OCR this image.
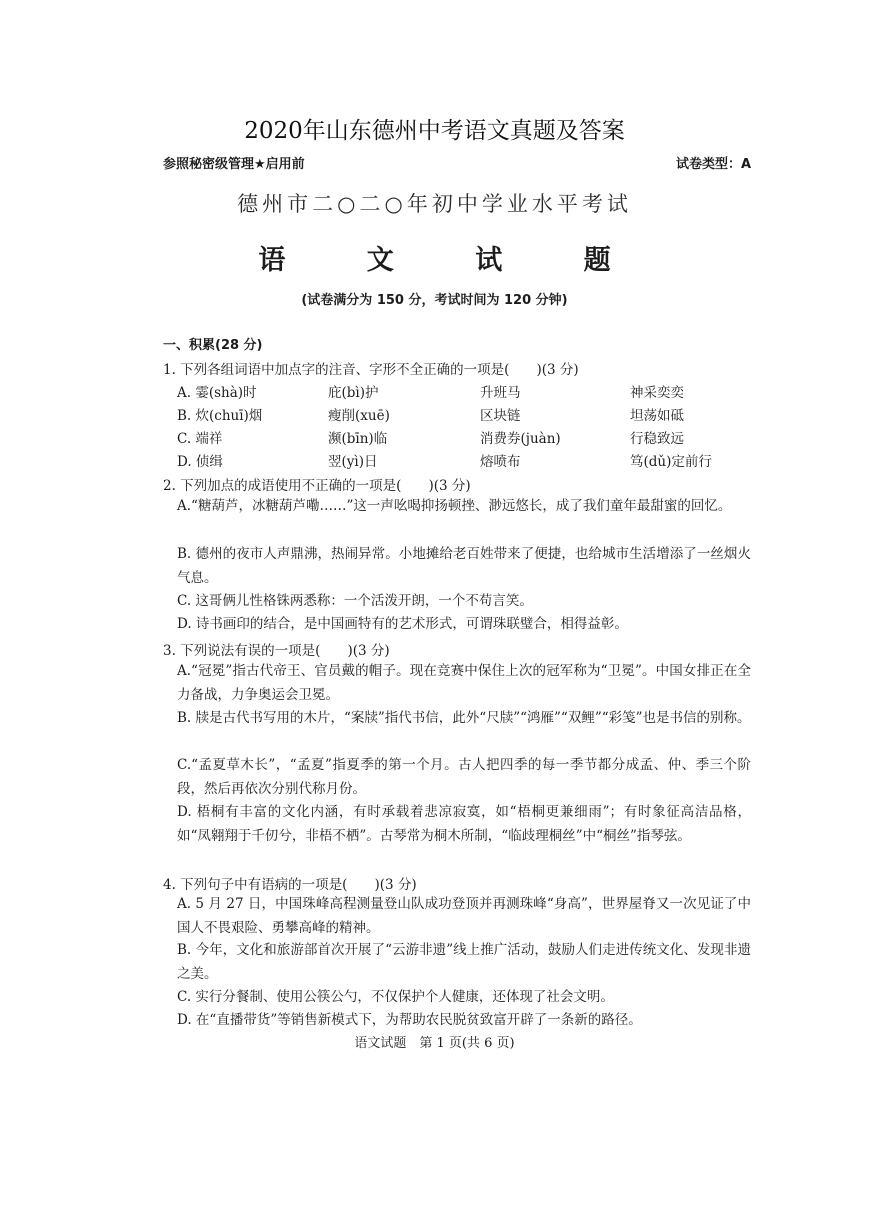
2020年山东德州中考语文真题及答案
参照秘密级管理★启用前	试卷类型：A
德州市二○二○年初中学业水平考试
语 文 试 题
(试卷满分为 150 分，考试时间为 120 分钟)
一、积累(28 分)
1. 下列各组词语中加点字的注音、字形不全正确的一项是(　　)(3 分)
A. 霎(shà)时	庇(bì)护	升班马	神采奕奕
B. 炊(chuī)烟	瘦削(xuē)	区块链	坦荡如砥
C. 端祥	濒(bīn)临	消费券(juàn)	行稳致远
D. 侦缉	翌(yì)日	熔喷布	笃(dǔ)定前行
2. 下列加点的成语使用不正确的一项是(　　)(3 分)
A.“糖葫芦，冰糖葫芦嘞……”这一声吆喝抑扬顿挫、渺远悠长，成了我们童年最甜蜜的回忆。
B. 德州的夜市人声鼎沸，热闹异常。小地摊给老百姓带来了便捷，也给城市生活增添了一丝烟火气息。
C. 这哥俩儿性格铢两悉称：一个活泼开朗，一个不苟言笑。
D. 诗书画印的结合，是中国画特有的艺术形式，可谓珠联璧合，相得益彰。
3. 下列说法有误的一项是(　　)(3 分)
A.“冠冕”指古代帝王、官员戴的帽子。现在竞赛中保住上次的冠军称为“卫冕”。中国女排正在全力备战，力争奥运会卫冕。
B. 牍是古代书写用的木片，“案牍”指代书信，此外“尺牍”“鸿雁”“双鲤”“彩笺”也是书信的别称。
C.“孟夏草木长”，“孟夏”指夏季的第一个月。古人把四季的每一季节都分成孟、仲、季三个阶段，然后再依次分别代称月份。
D. 梧桐有丰富的文化内涵，有时承载着悲凉寂寞，如“梧桐更兼细雨”；有时象征高洁品格，如“凤翱翔于千仞兮，非梧不栖”。古琴常为桐木所制，“临歧理桐丝”中“桐丝”指琴弦。
4. 下列句子中有语病的一项是(　　)(3 分)
A. 5 月 27 日，中国珠峰高程测量登山队成功登顶并再测珠峰“身高”，世界屋脊又一次见证了中国人不畏艰险、勇攀高峰的精神。
B. 今年，文化和旅游部首次开展了“云游非遗”线上推广活动，鼓励人们走进传统文化、发现非遗之美。
C. 实行分餐制、使用公筷公勺，不仅保护个人健康，还体现了社会文明。
D. 在“直播带货”等销售新模式下，为帮助农民脱贫致富开辟了一条新的路径。
语文试题　第 1 页(共 6 页)
